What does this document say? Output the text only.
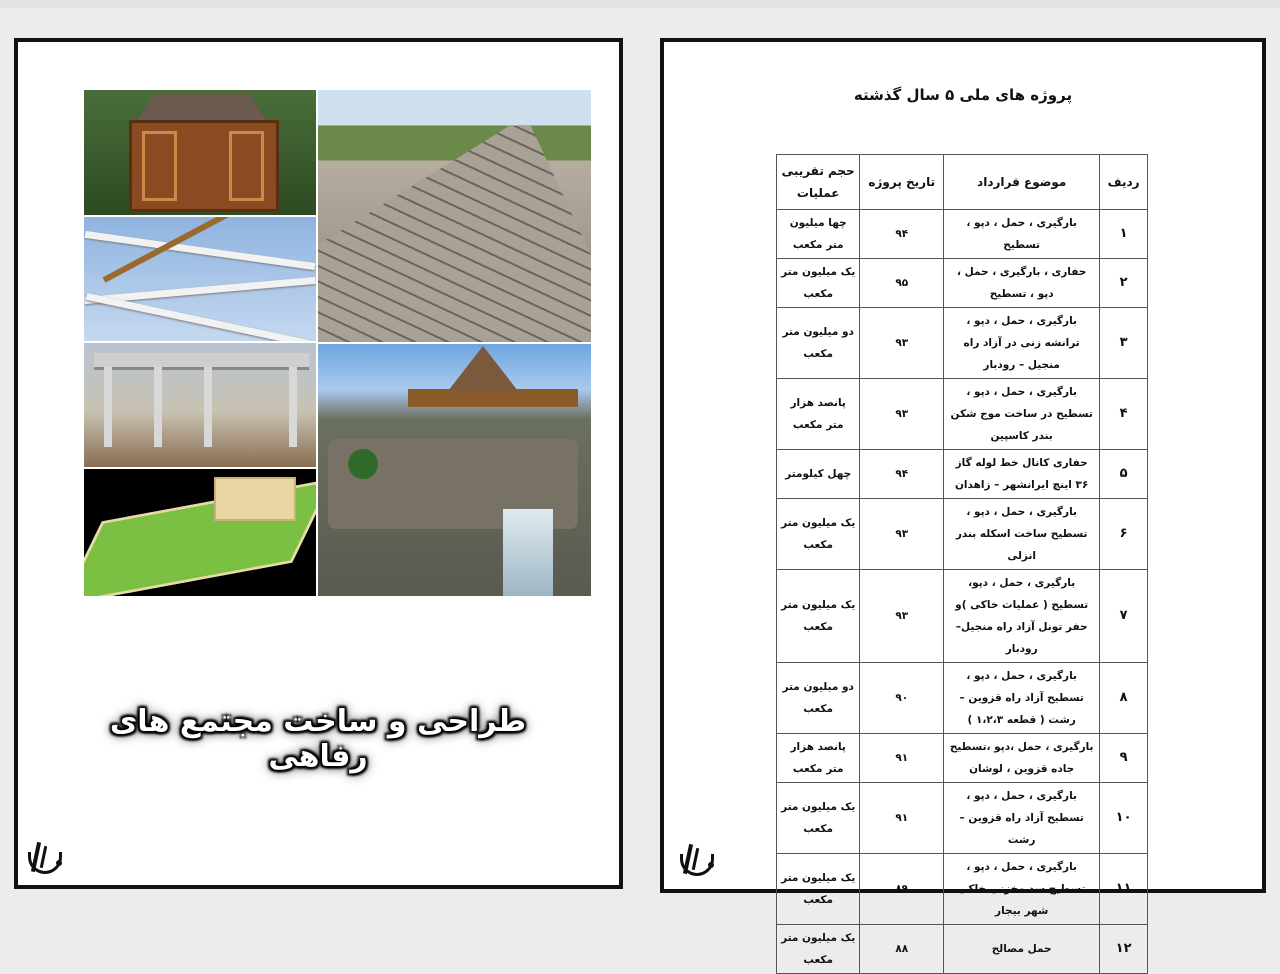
طراحی و ساخت مجتمع های رفاهی
پروژه های ملی ۵ سال گذشته
ردیف	موضوع قرارداد	تاریخ پروژه	حجم تقریبی عملیات
۱	بارگیری ، حمل ، دپو ، تسطیح	۹۴	چها میلیون متر مکعب
۲	حفاری ، بارگیری ، حمل ، دپو ، تسطیح	۹۵	یک میلیون متر مکعب
۳	بارگیری ، حمل ، دپو ، ترانشه زنی در آزاد راه منجیل – رودبار	۹۳	دو میلیون متر مکعب
۴	بارگیری ، حمل ، دپو ، تسطیح در ساخت موج شکن بندر کاسپین	۹۳	پانصد هزار متر مکعب
۵	حفاری کانال خط لوله گاز ۳۶ اینچ ایرانشهر – زاهدان	۹۴	چهل کیلومتر
۶	بارگیری ، حمل ، دپو ، تسطیح ساخت اسکله بندر انزلی	۹۳	یک میلیون متر مکعب
۷	بارگیری ، حمل ، دپو، تسطیح ( عملیات خاکی )و حفر تونل آزاد راه منجیل–رودبار	۹۳	یک میلیون متر مکعب
۸	بارگیری ، حمل ، دپو ، تسطیح آزاد راه قزوین – رشت ( قطعه ۱،۲،۳ )	۹۰	دو میلیون متر مکعب
۹	بارگیری ، حمل ،دپو ،تسطیح جاده قزوین ، لوشان	۹۱	پانصد هزار متر مکعب
۱۰	بارگیری ، حمل ، دپو ، تسطیح آزاد راه قزوین – رشت	۹۱	یک میلیون متر مکعب
۱۱	بارگیری ، حمل ، دپو ، تسطیح سد مخزنی خاکی شهر بیجار	۸۹	یک میلیون متر مکعب
۱۲	حمل مصالح	۸۸	یک میلیون متر مکعب
